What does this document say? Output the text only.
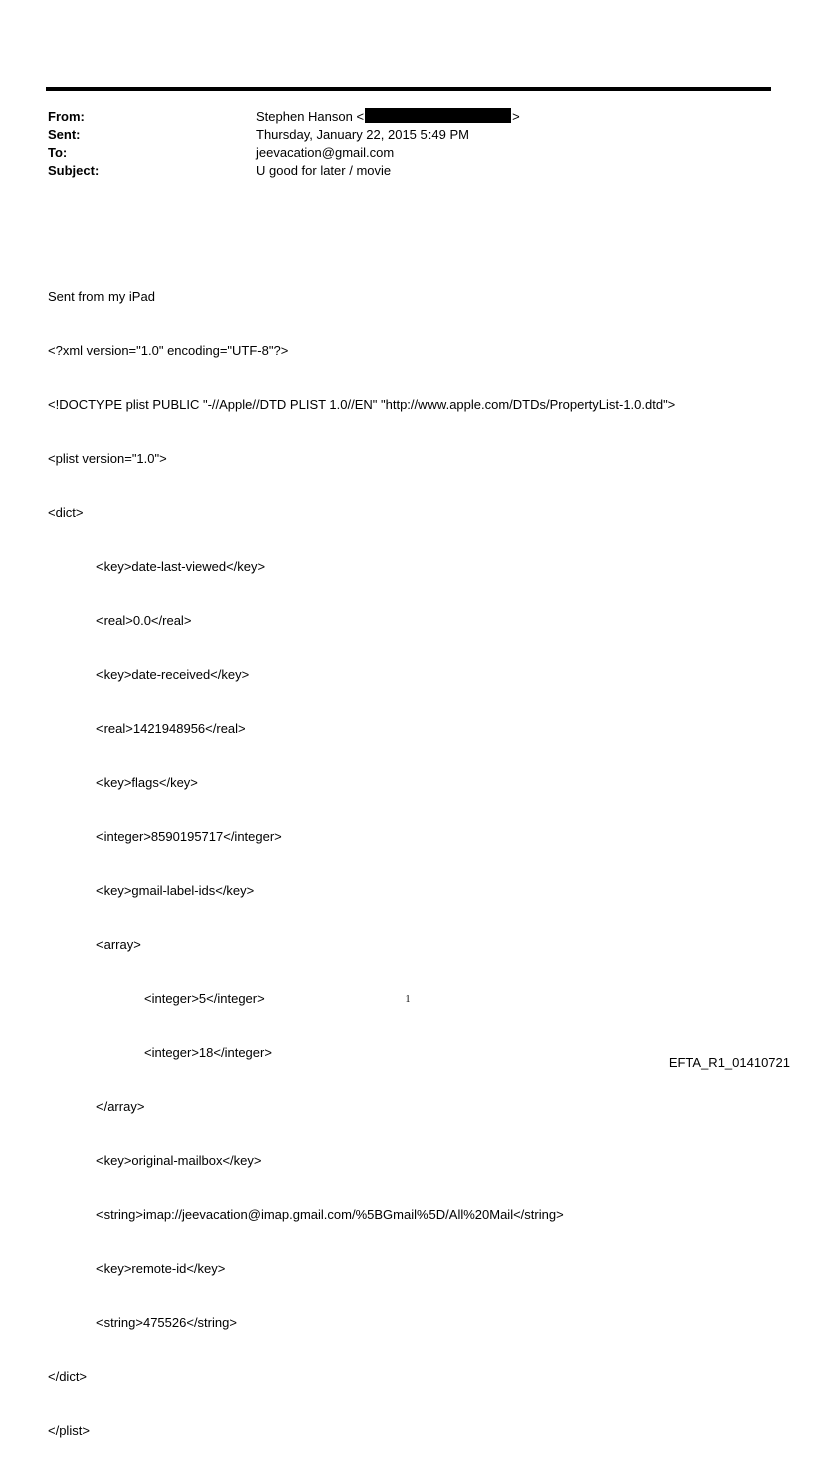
From:	Stephen Hanson <	>
Sent:	Thursday, January 22, 2015 5:49 PM
To:	jeevacation@gmail.com
Subject:	U good for later / movie

Sent from my iPad

<?xml version="1.0" encoding="UTF-8"?>

<!DOCTYPE plist PUBLIC "-//Apple//DTD PLIST 1.0//EN" "http://www.apple.com/DTDs/PropertyList-1.0.dtd">

<plist version="1.0">

<dict>

<key>date-last-viewed</key>

<real>0.0</real>

<key>date-received</key>

<real>1421948956</real>

<key>flags</key>

<integer>8590195717</integer>

<key>gmail-label-ids</key>

<array>

<integer>5</integer>

<integer>18</integer>

</array>

<key>original-mailbox</key>

<string>imap://jeevacation@imap.gmail.com/%5BGmail%5D/All%20Mail</string>

<key>remote-id</key>

<string>475526</string>

</dict>

</plist>

1
EFTA_R1_01410721
